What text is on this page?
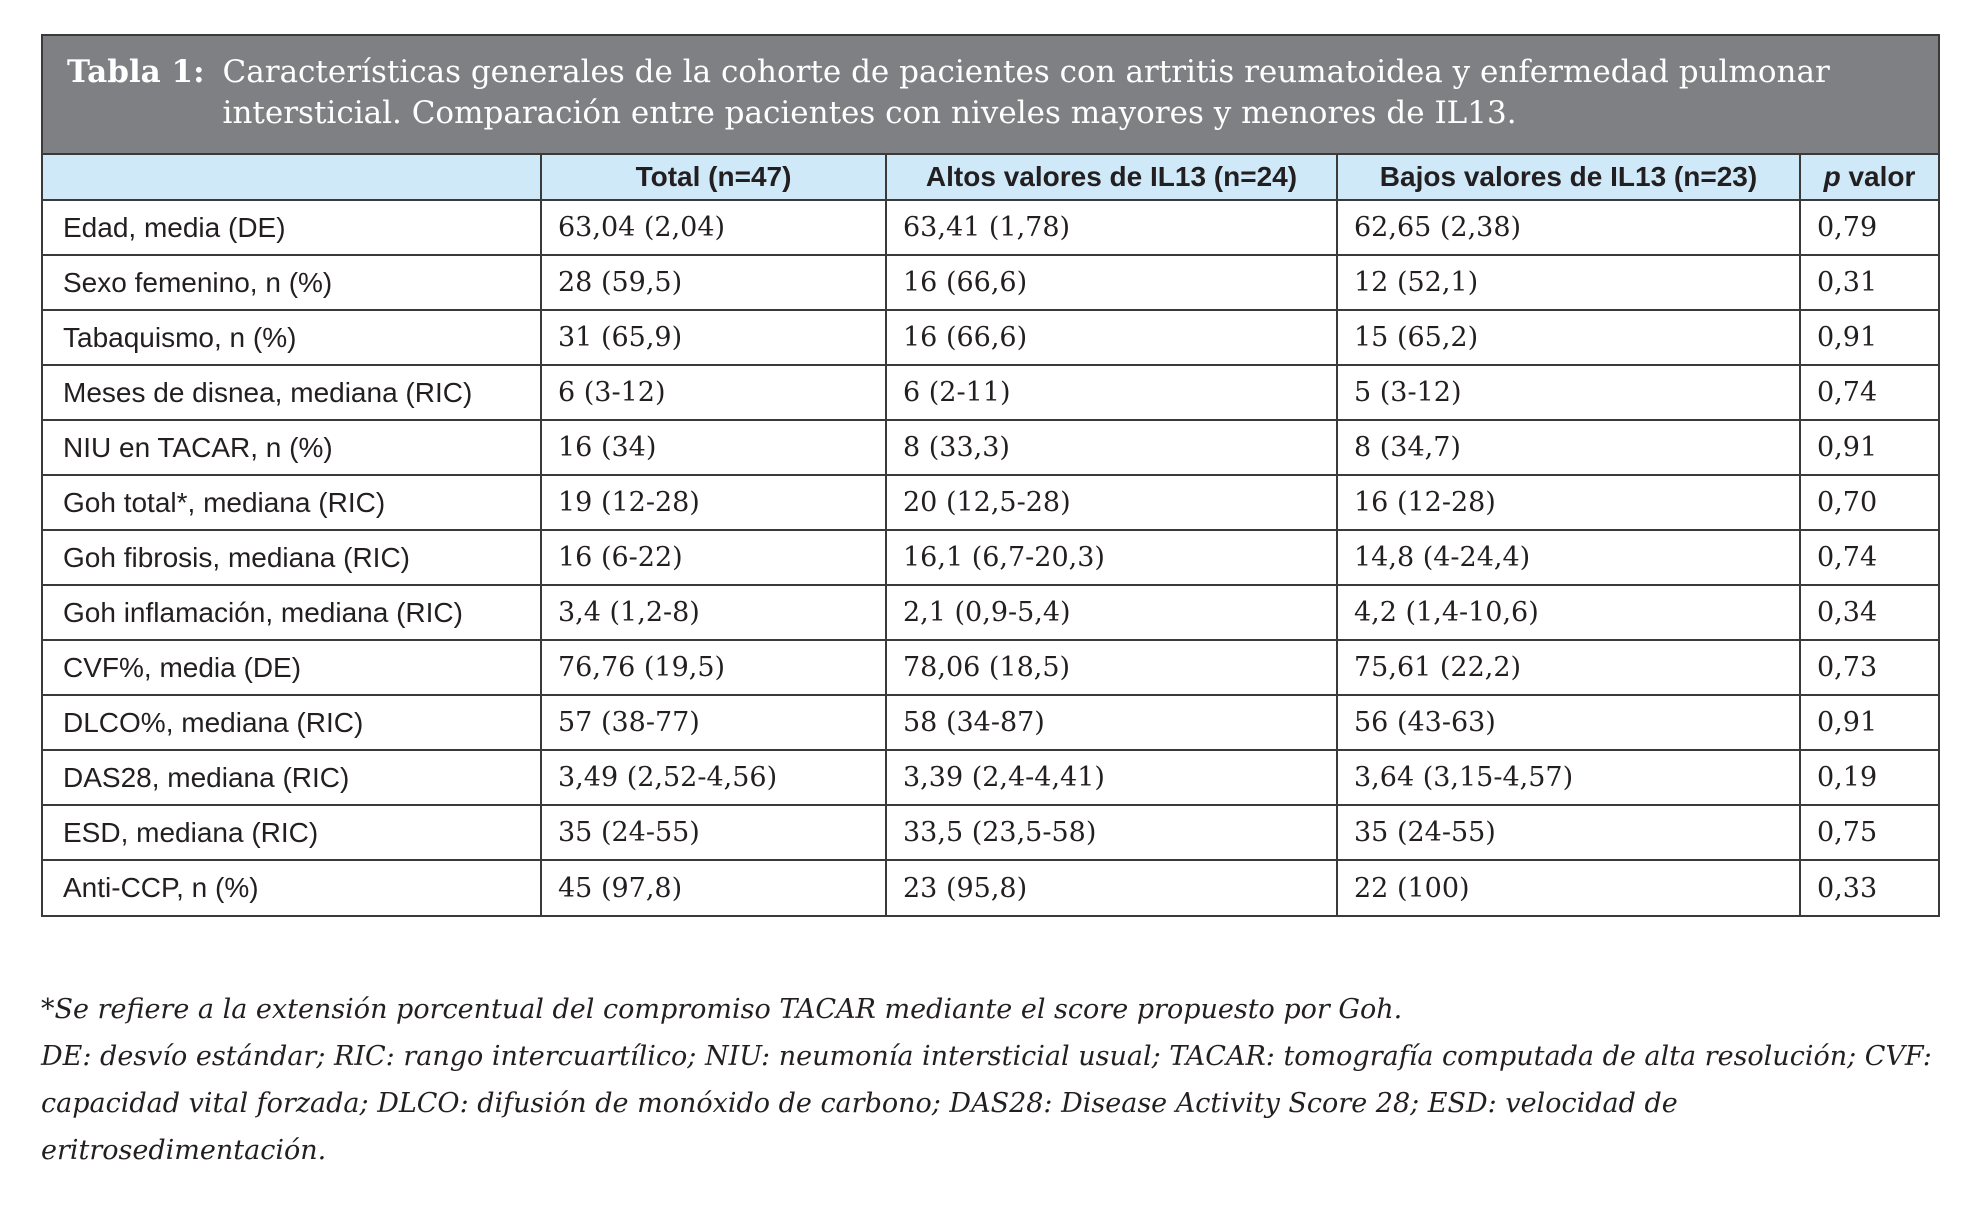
Tabla 1: Características generales de la cohorte de pacientes con artritis reumatoidea y enfermedad pulmonar intersticial. Comparación entre pacientes con niveles mayores y menores de IL13.
	Total (n=47)	Altos valores de IL13 (n=24)	Bajos valores de IL13 (n=23)	p valor
Edad, media (DE)	63,04 (2,04)	63,41 (1,78)	62,65 (2,38)	0,79
Sexo femenino, n (%)	28 (59,5)	16 (66,6)	12 (52,1)	0,31
Tabaquismo, n (%)	31 (65,9)	16 (66,6)	15 (65,2)	0,91
Meses de disnea, mediana (RIC)	6 (3-12)	6 (2-11)	5 (3-12)	0,74
NIU en TACAR, n (%)	16 (34)	8 (33,3)	8 (34,7)	0,91
Goh total*, mediana (RIC)	19 (12-28)	20 (12,5-28)	16 (12-28)	0,70
Goh fibrosis, mediana (RIC)	16 (6-22)	16,1 (6,7-20,3)	14,8 (4-24,4)	0,74
Goh inflamación, mediana (RIC)	3,4 (1,2-8)	2,1 (0,9-5,4)	4,2 (1,4-10,6)	0,34
CVF%, media (DE)	76,76 (19,5)	78,06 (18,5)	75,61 (22,2)	0,73
DLCO%, mediana (RIC)	57 (38-77)	58 (34-87)	56 (43-63)	0,91
DAS28, mediana (RIC)	3,49 (2,52-4,56)	3,39 (2,4-4,41)	3,64 (3,15-4,57)	0,19
ESD, mediana (RIC)	35 (24-55)	33,5 (23,5-58)	35 (24-55)	0,75
Anti-CCP, n (%)	45 (97,8)	23 (95,8)	22 (100)	0,33

*Se refiere a la extensión porcentual del compromiso TACAR mediante el score propuesto por Goh.

DE: desvío estándar; RIC: rango intercuartílico; NIU: neumonía intersticial usual; TACAR: tomografía computada de alta resolución; CVF: capacidad vital forzada; DLCO: difusión de monóxido de carbono; DAS28: Disease Activity Score 28; ESD: velocidad de eritrosedimentación.
